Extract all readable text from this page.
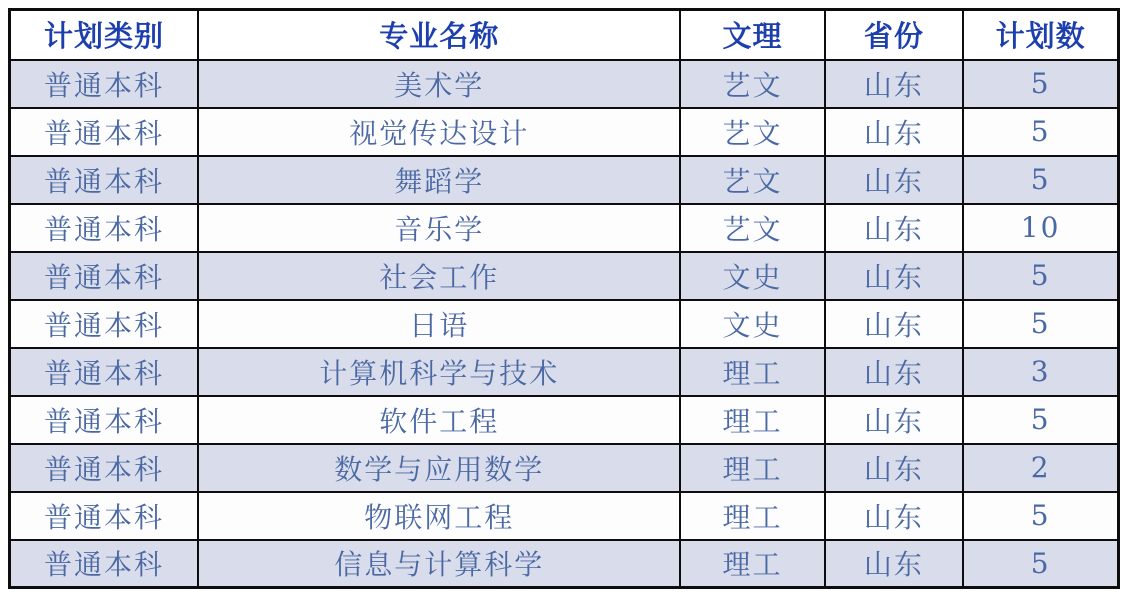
计划类别	专业名称	文理	省份	计划数
普通本科	美术学	艺文	山东	5
普通本科	视觉传达设计	艺文	山东	5
普通本科	舞蹈学	艺文	山东	5
普通本科	音乐学	艺文	山东	10
普通本科	社会工作	文史	山东	5
普通本科	日语	文史	山东	5
普通本科	计算机科学与技术	理工	山东	3
普通本科	软件工程	理工	山东	5
普通本科	数学与应用数学	理工	山东	2
普通本科	物联网工程	理工	山东	5
普通本科	信息与计算科学	理工	山东	5
